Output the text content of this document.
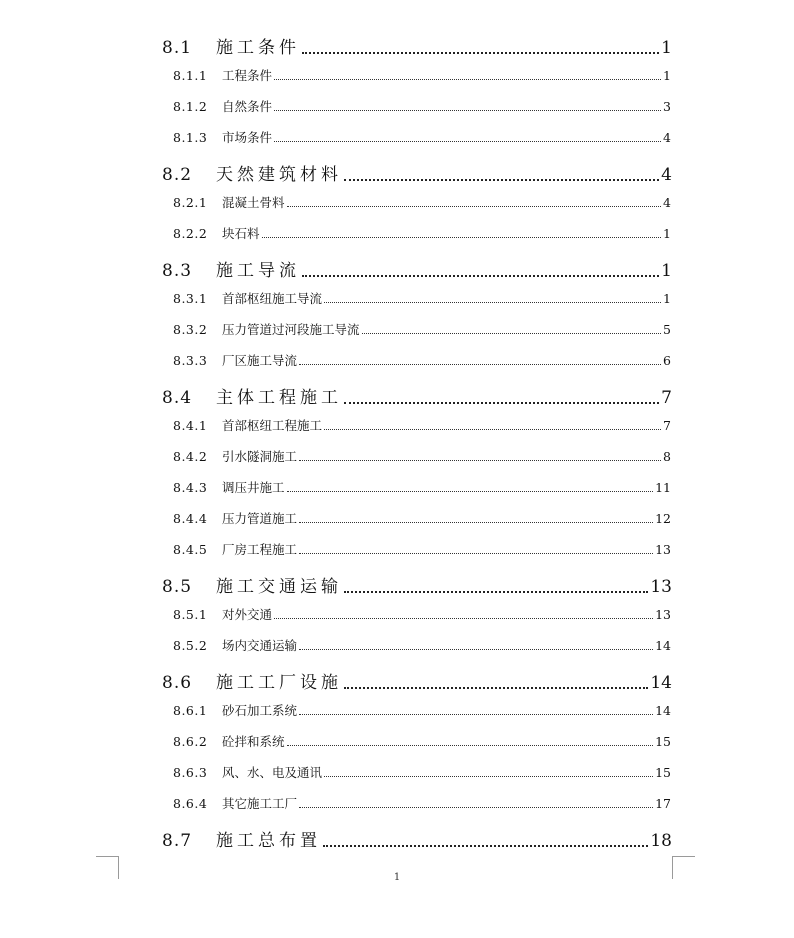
8.1	施工条件	1
8.1.1	工程条件	1
8.1.2	自然条件	3
8.1.3	市场条件	4
8.2	天然建筑材料	4
8.2.1	混凝土骨料	4
8.2.2	块石料	1
8.3	施工导流	1
8.3.1	首部枢纽施工导流	1
8.3.2	压力管道过河段施工导流	5
8.3.3	厂区施工导流	6
8.4	主体工程施工	7
8.4.1	首部枢纽工程施工	7
8.4.2	引水隧洞施工	8
8.4.3	调压井施工	11
8.4.4	压力管道施工	12
8.4.5	厂房工程施工	13
8.5	施工交通运输	13
8.5.1	对外交通	13
8.5.2	场内交通运输	14
8.6	施工工厂设施	14
8.6.1	砂石加工系统	14
8.6.2	砼拌和系统	15
8.6.3	风、水、电及通讯	15
8.6.4	其它施工工厂	17
8.7	施工总布置	18
1
